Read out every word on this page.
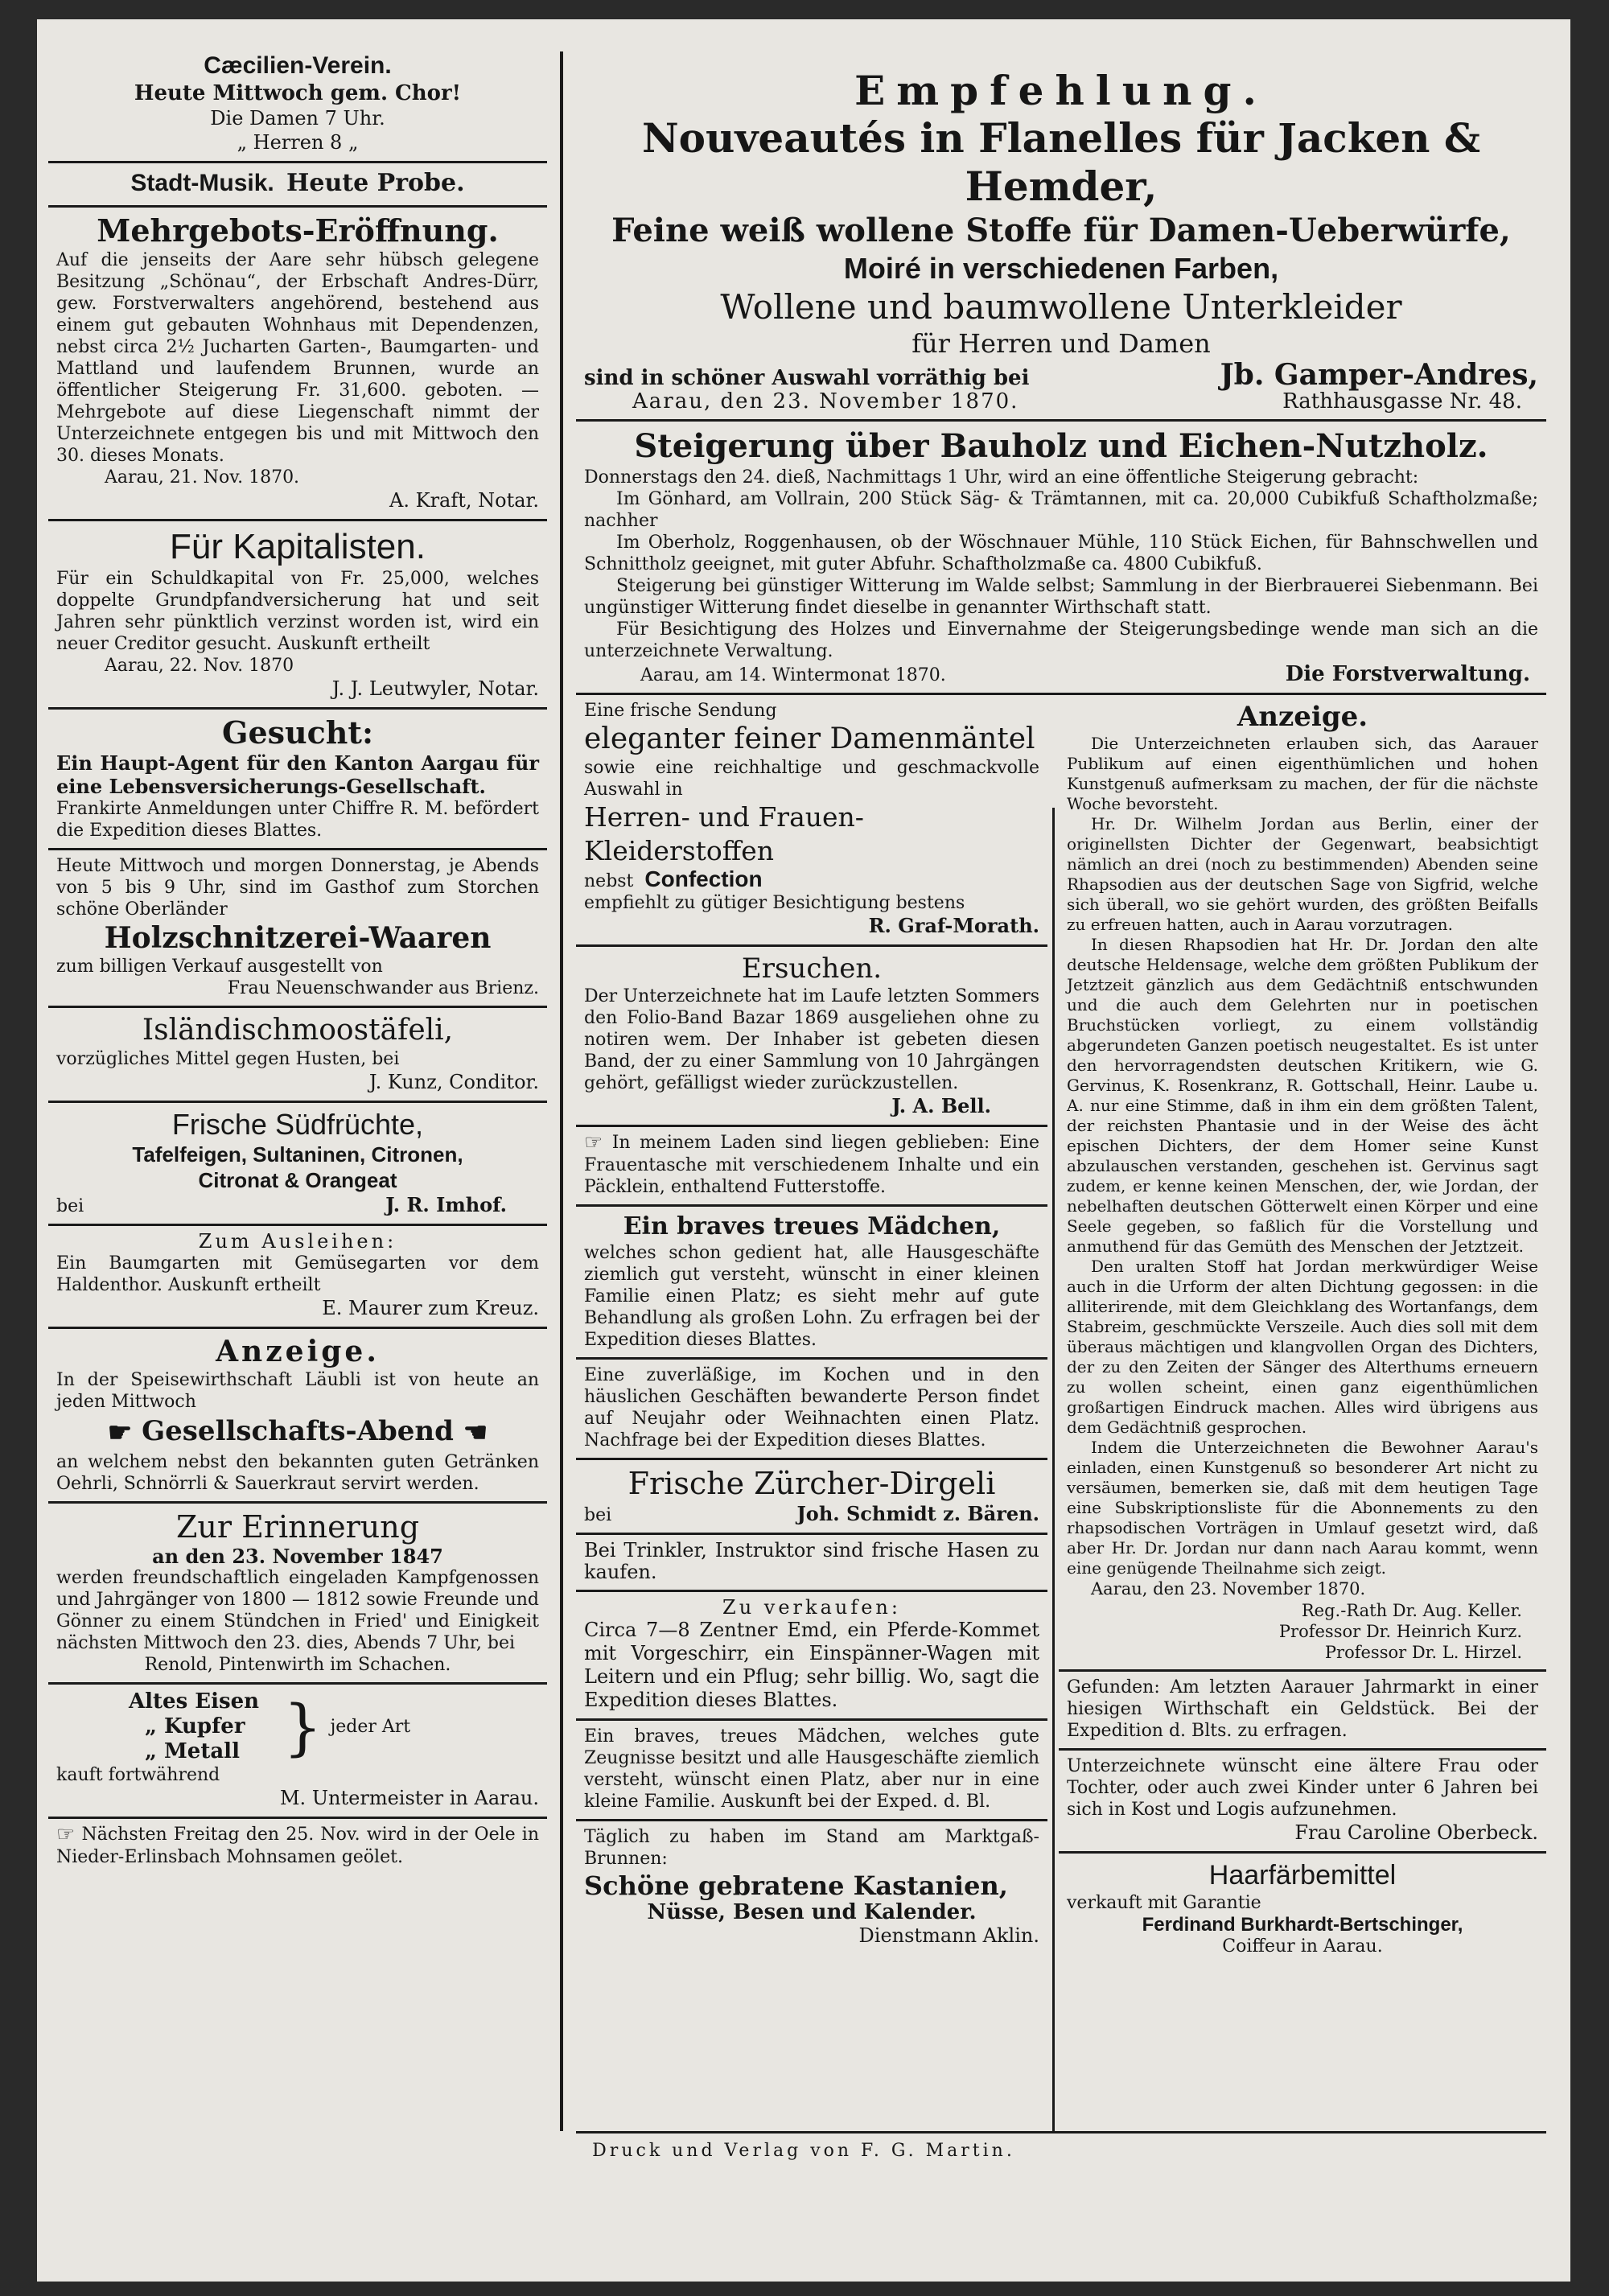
Cæcilien-Verein.

Heute Mittwoch gem. Chor!

Die Damen 7 Uhr.

„ Herren 8 „

Stadt-Musik. Heute Probe.

Mehrgebots-Eröffnung.

Auf die jenseits der Aare sehr hübsch gelegene Besitzung „Schönau“, der Erbschaft Andres-Dürr, gew. Forstverwalters angehörend, bestehend aus einem gut gebauten Wohnhaus mit Dependenzen, nebst circa 2½ Jucharten Garten-, Baumgarten- und Mattland und laufendem Brunnen, wurde an öffentlicher Steigerung Fr. 31,600. geboten. — Mehrgebote auf diese Liegenschaft nimmt der Unterzeichnete entgegen bis und mit Mittwoch den 30. dieses Monats.

Aarau, 21. Nov. 1870.

A. Kraft, Notar.

Für Kapitalisten.

Für ein Schuldkapital von Fr. 25,000, welches doppelte Grundpfandversicherung hat und seit Jahren sehr pünktlich verzinst worden ist, wird ein neuer Creditor gesucht. Auskunft ertheilt

Aarau, 22. Nov. 1870

J. J. Leutwyler, Notar.

Gesucht:

Ein Haupt-Agent für den Kanton Aargau für eine Lebensversicherungs-Gesellschaft.

Frankirte Anmeldungen unter Chiffre R. M. befördert die Expedition dieses Blattes.

Heute Mittwoch und morgen Donnerstag, je Abends von 5 bis 9 Uhr, sind im Gasthof zum Storchen schöne Oberländer

Holzschnitzerei-Waaren

zum billigen Verkauf ausgestellt von

Frau Neuenschwander aus Brienz.

Isländischmoostäfeli,

vorzügliches Mittel gegen Husten, bei

J. Kunz, Conditor.

Frische Südfrüchte,

Tafelfeigen, Sultaninen, Citronen,

Citronat & Orangeat

bei	J. R. Imhof.

Zum Ausleihen:

Ein Baumgarten mit Gemüsegarten vor dem Haldenthor. Auskunft ertheilt

E. Maurer zum Kreuz.

Anzeige.

In der Speisewirthschaft Läubli ist von heute an jeden Mittwoch

☛ Gesellschafts-Abend ☚

an welchem nebst den bekannten guten Getränken Oehrli, Schnörrli & Sauerkraut servirt werden.

Zur Erinnerung

an den 23. November 1847

werden freundschaftlich eingeladen Kampfgenossen und Jahrgänger von 1800 — 1812 sowie Freunde und Gönner zu einem Stündchen in Fried' und Einigkeit nächsten Mittwoch den 23. dies, Abends 7 Uhr, bei

Renold, Pintenwirth im Schachen.

Altes Eisen

„ Kupfer

„ Metall } jeder Art

kauft fortwährend

M. Untermeister in Aarau.

☞ Nächsten Freitag den 25. Nov. wird in der Oele in Nieder-Erlinsbach Mohnsamen geölet.

Empfehlung.

Nouveautés in Flanelles für Jacken & Hemder,

Feine weiß wollene Stoffe für Damen-Ueberwürfe,

Moiré in verschiedenen Farben,

Wollene und baumwollene Unterkleider

für Herren und Damen

sind in schöner Auswahl vorräthig bei	Jb. Gamper-Andres,
Aarau, den 23. November 1870.	Rathhausgasse Nr. 48.

Steigerung über Bauholz und Eichen-Nutzholz.

Donnerstags den 24. dieß, Nachmittags 1 Uhr, wird an eine öffentliche Steigerung gebracht:

Im Gönhard, am Vollrain, 200 Stück Säg- & Trämtannen, mit ca. 20,000 Cubikfuß Schaftholzmaße; nachher

Im Oberholz, Roggenhausen, ob der Wöschnauer Mühle, 110 Stück Eichen, für Bahnschwellen und Schnittholz geeignet, mit guter Abfuhr. Schaftholzmaße ca. 4800 Cubikfuß.

Steigerung bei günstiger Witterung im Walde selbst; Sammlung in der Bierbrauerei Siebenmann. Bei ungünstiger Witterung findet dieselbe in genannter Wirthschaft statt.

Für Besichtigung des Holzes und Einvernahme der Steigerungsbedinge wende man sich an die unterzeichnete Verwaltung.

Aarau, am 14. Wintermonat 1870.	Die Forstverwaltung.

Eine frische Sendung

eleganter feiner Damenmäntel

sowie eine reichhaltige und geschmackvolle Auswahl in

Herren- und Frauen-Kleiderstoffen

nebst Confection

empfiehlt zu gütiger Besichtigung bestens

R. Graf-Morath.

Ersuchen.

Der Unterzeichnete hat im Laufe letzten Sommers den Folio-Band Bazar 1869 ausgeliehen ohne zu notiren wem. Der Inhaber ist gebeten diesen Band, der zu einer Sammlung von 10 Jahrgängen gehört, gefälligst wieder zurückzustellen.

J. A. Bell.

☞ In meinem Laden sind liegen geblieben: Eine Frauentasche mit verschiedenem Inhalte und ein Päcklein, enthaltend Futterstoffe.

Ein braves treues Mädchen,

welches schon gedient hat, alle Hausgeschäfte ziemlich gut versteht, wünscht in einer kleinen Familie einen Platz; es sieht mehr auf gute Behandlung als großen Lohn. Zu erfragen bei der Expedition dieses Blattes.

Eine zuverläßige, im Kochen und in den häuslichen Geschäften bewanderte Person findet auf Neujahr oder Weihnachten einen Platz. Nachfrage bei der Expedition dieses Blattes.

Frische Zürcher-Dirgeli

bei	Joh. Schmidt z. Bären.

Bei Trinkler, Instruktor sind frische Hasen zu kaufen.

Zu verkaufen:

Circa 7—8 Zentner Emd, ein Pferde-Kommet mit Vorgeschirr, ein Einspänner-Wagen mit Leitern und ein Pflug; sehr billig. Wo, sagt die Expedition dieses Blattes.

Ein braves, treues Mädchen, welches gute Zeugnisse besitzt und alle Hausgeschäfte ziemlich versteht, wünscht einen Platz, aber nur in eine kleine Familie. Auskunft bei der Exped. d. Bl.

Täglich zu haben im Stand am Marktgaß-Brunnen:

Schöne gebratene Kastanien,

Nüsse, Besen und Kalender.

Dienstmann Aklin.

Anzeige.

Die Unterzeichneten erlauben sich, das Aarauer Publikum auf einen eigenthümlichen und hohen Kunstgenuß aufmerksam zu machen, der für die nächste Woche bevorsteht.

Hr. Dr. Wilhelm Jordan aus Berlin, einer der originellsten Dichter der Gegenwart, beabsichtigt nämlich an drei (noch zu bestimmenden) Abenden seine Rhapsodien aus der deutschen Sage von Sigfrid, welche sich überall, wo sie gehört wurden, des größten Beifalls zu erfreuen hatten, auch in Aarau vorzutragen.

In diesen Rhapsodien hat Hr. Dr. Jordan den alte deutsche Heldensage, welche dem größten Publikum der Jetztzeit gänzlich aus dem Gedächtniß entschwunden und die auch dem Gelehrten nur in poetischen Bruchstücken vorliegt, zu einem vollständig abgerundeten Ganzen poetisch neugestaltet. Es ist unter den hervorragendsten deutschen Kritikern, wie G. Gervinus, K. Rosenkranz, R. Gottschall, Heinr. Laube u. A. nur eine Stimme, daß in ihm ein dem größten Talent, der reichsten Phantasie und in der Weise des ächt epischen Dichters, der dem Homer seine Kunst abzulauschen verstanden, geschehen ist. Gervinus sagt zudem, er kenne keinen Menschen, der, wie Jordan, der nebelhaften deutschen Götterwelt einen Körper und eine Seele gegeben, so faßlich für die Vorstellung und anmuthend für das Gemüth des Menschen der Jetztzeit.

Den uralten Stoff hat Jordan merkwürdiger Weise auch in die Urform der alten Dichtung gegossen: in die alliterirende, mit dem Gleichklang des Wortanfangs, dem Stabreim, geschmückte Verszeile. Auch dies soll mit dem überaus mächtigen und klangvollen Organ des Dichters, der zu den Zeiten der Sänger des Alterthums erneuern zu wollen scheint, einen ganz eigenthümlichen großartigen Eindruck machen. Alles wird übrigens aus dem Gedächtniß gesprochen.

Indem die Unterzeichneten die Bewohner Aarau's einladen, einen Kunstgenuß so besonderer Art nicht zu versäumen, bemerken sie, daß mit dem heutigen Tage eine Subskriptionsliste für die Abonnements zu den rhapsodischen Vorträgen in Umlauf gesetzt wird, daß aber Hr. Dr. Jordan nur dann nach Aarau kommt, wenn eine genügende Theilnahme sich zeigt.

Aarau, den 23. November 1870.

Reg.-Rath Dr. Aug. Keller.

Professor Dr. Heinrich Kurz.

Professor Dr. L. Hirzel.

Gefunden: Am letzten Aarauer Jahrmarkt in einer hiesigen Wirthschaft ein Geldstück. Bei der Expedition d. Blts. zu erfragen.

Unterzeichnete wünscht eine ältere Frau oder Tochter, oder auch zwei Kinder unter 6 Jahren bei sich in Kost und Logis aufzunehmen.

Frau Caroline Oberbeck.

Haarfärbemittel

verkauft mit Garantie

Ferdinand Burkhardt-Bertschinger,

Coiffeur in Aarau.

Druck und Verlag von F. G. Martin.
